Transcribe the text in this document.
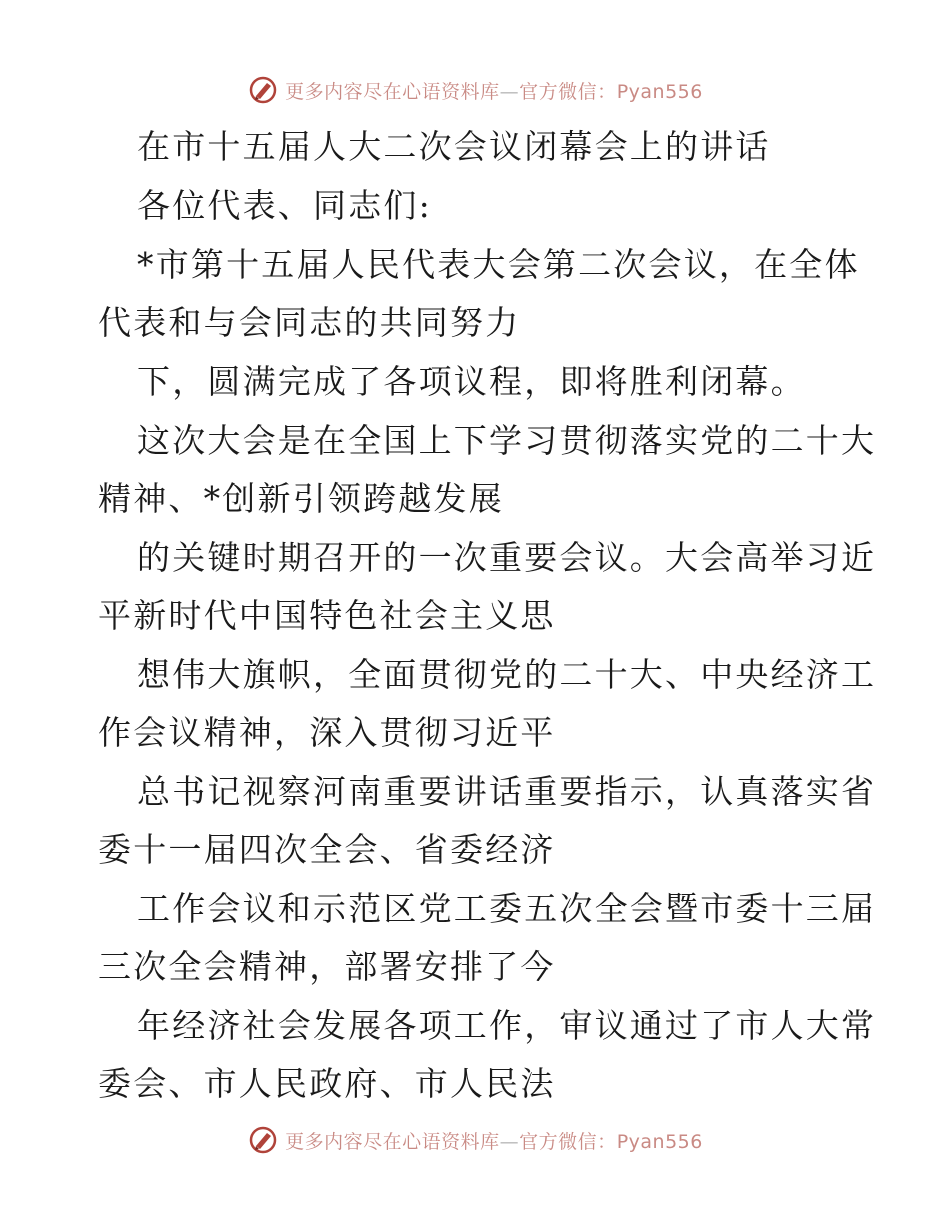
更多内容尽在心语资料库—官方微信：Pyan556
在市十五届人大二次会议闭幕会上的讲话
各位代表、同志们:
*市第十五届人民代表大会第二次会议，在全体
代表和与会同志的共同努力
下，圆满完成了各项议程，即将胜利闭幕。
这次大会是在全国上下学习贯彻落实党的二十大
精神、*创新引领跨越发展
的关键时期召开的一次重要会议。大会高举习近
平新时代中国特色社会主义思
想伟大旗帜，全面贯彻党的二十大、中央经济工
作会议精神，深入贯彻习近平
总书记视察河南重要讲话重要指示，认真落实省
委十一届四次全会、省委经济
工作会议和示范区党工委五次全会暨市委十三届
三次全会精神，部署安排了今
年经济社会发展各项工作，审议通过了市人大常
委会、市人民政府、市人民法
更多内容尽在心语资料库—官方微信：Pyan556
